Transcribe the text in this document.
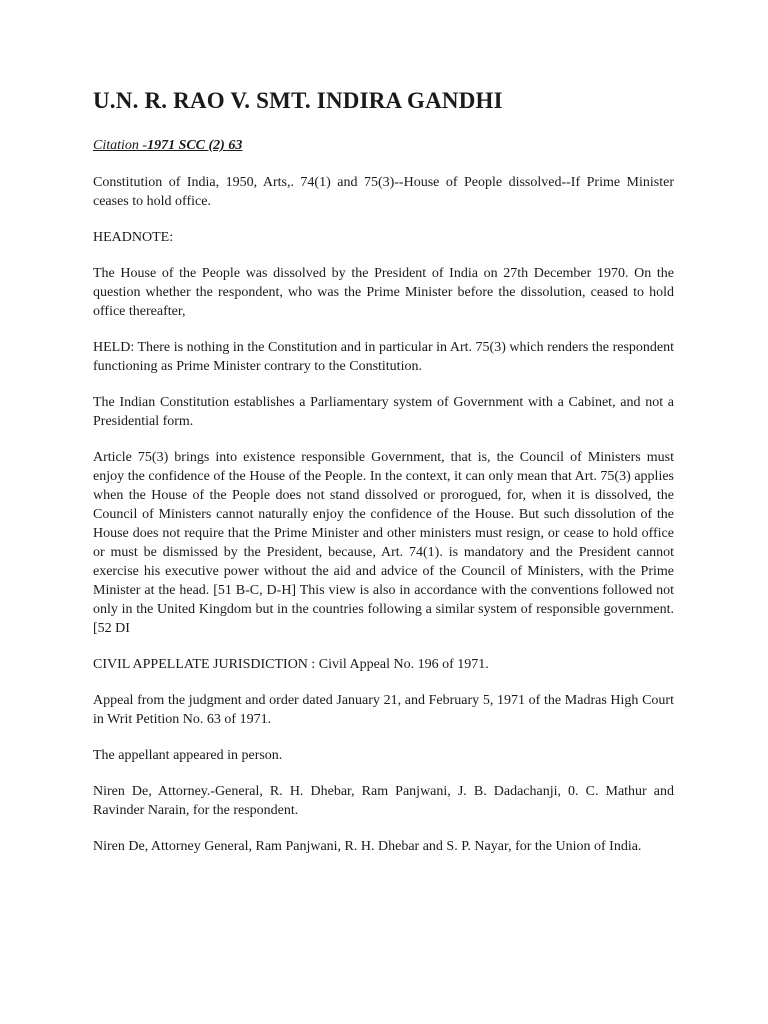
U.N. R. RAO V. SMT. INDIRA GANDHI

Citation -1971 SCC (2) 63

Constitution of India, 1950, Arts,. 74(1) and 75(3)--House of People dissolved--If Prime Minister ceases to hold office.

HEADNOTE:

The House of the People was dissolved by the President of India on 27th December 1970. On the question whether the respondent, who was the Prime Minister before the dissolution, ceased to hold office thereafter,

HELD: There is nothing in the Constitution and in particular in Art. 75(3) which renders the respondent functioning as Prime Minister contrary to the Constitution.

The Indian Constitution establishes a Parliamentary system of Government with a Cabinet, and not a Presidential form.

Article 75(3) brings into existence responsible Government, that is, the Council of Ministers must enjoy the confidence of the House of the People. In the context, it can only mean that Art. 75(3) applies when the House of the People does not stand dissolved or prorogued, for, when it is dissolved, the Council of Ministers cannot naturally enjoy the confidence of the House. But such dissolution of the House does not require that the Prime Minister and other ministers must resign, or cease to hold office or must be dismissed by the President, because, Art. 74(1). is mandatory and the President cannot exercise his executive power without the aid and advice of the Council of Ministers, with the Prime Minister at the head. [51 B-C, D-H] This view is also in accordance with the conventions followed not only in the United Kingdom but in the countries following a similar system of responsible government. [52 DI

CIVIL APPELLATE JURISDICTION : Civil Appeal No. 196 of 1971.

Appeal from the judgment and order dated January 21, and February 5, 1971 of the Madras High Court in Writ Petition No. 63 of 1971.

The appellant appeared in person.

Niren De, Attorney.-General, R. H. Dhebar, Ram Panjwani, J. B. Dadachanji, 0. C. Mathur and Ravinder Narain, for the respondent.

Niren De, Attorney General, Ram Panjwani, R. H. Dhebar and S. P. Nayar, for the Union of India.
